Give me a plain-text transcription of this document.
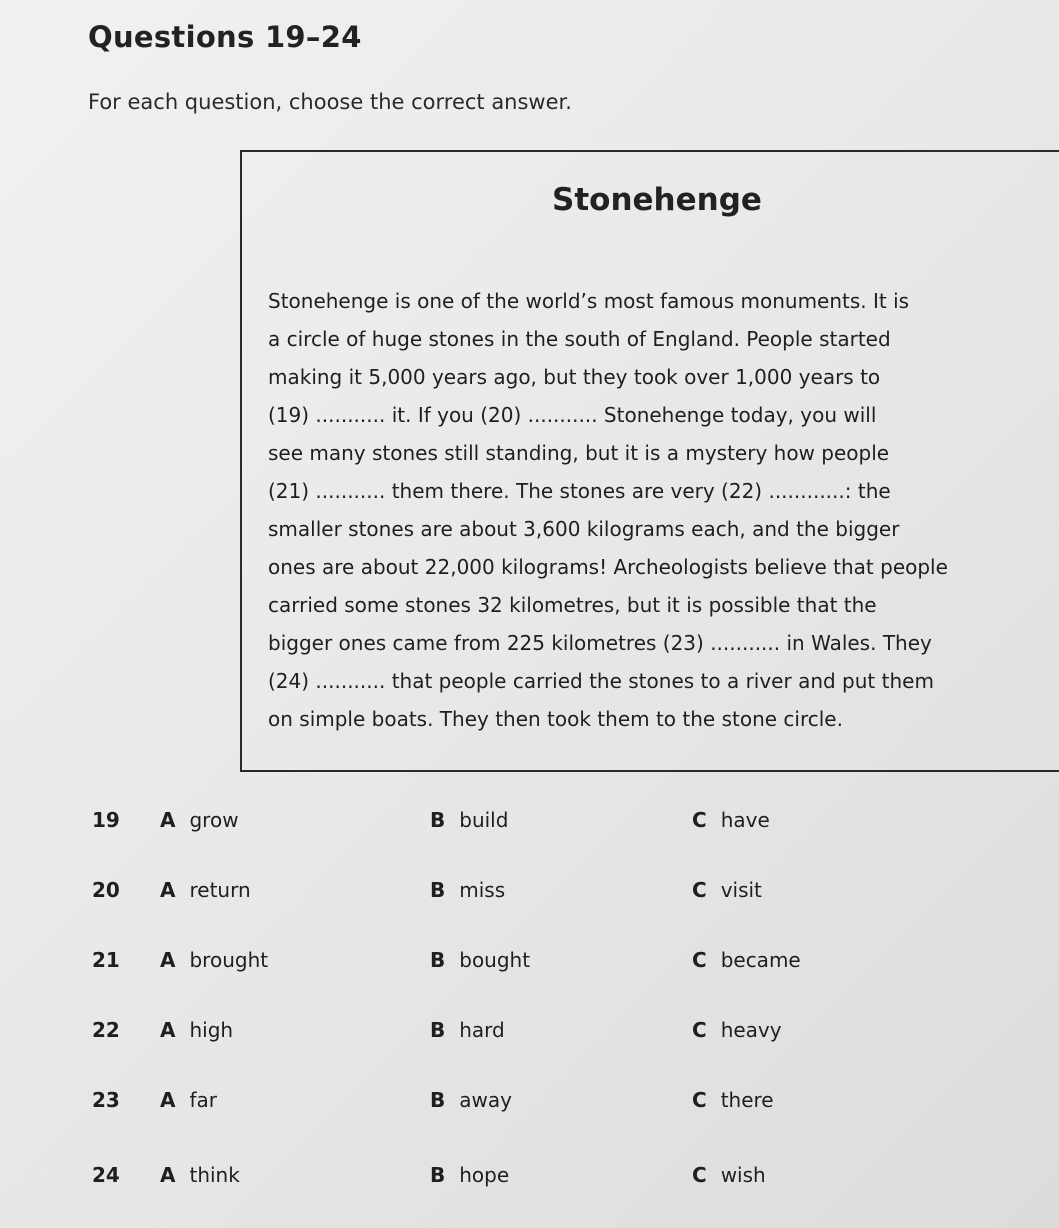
Questions 19–24
For each question, choose the correct answer.
Stonehenge
Stonehenge is one of the world’s most famous monuments. It is
a circle of huge stones in the south of England. People started
making it 5,000 years ago, but they took over 1,000 years to
(19) ........... it. If you (20) ........... Stonehenge today, you will
see many stones still standing, but it is a mystery how people
(21) ........... them there. The stones are very (22) ............: the
smaller stones are about 3,600 kilograms each, and the bigger
ones are about 22,000 kilograms! Archeologists believe that people
carried some stones 32 kilometres, but it is possible that the
bigger ones came from 225 kilometres (23) ........... in Wales. They
(24) ........... that people carried the stones to a river and put them
on simple boats. They then took them to the stone circle.
19 A grow	B build	C have
20 A return	B miss	C visit
21 A brought	B bought	C became
22 A high	B hard	C heavy
23 A far	B away	C there
24 A think	B hope	C wish
